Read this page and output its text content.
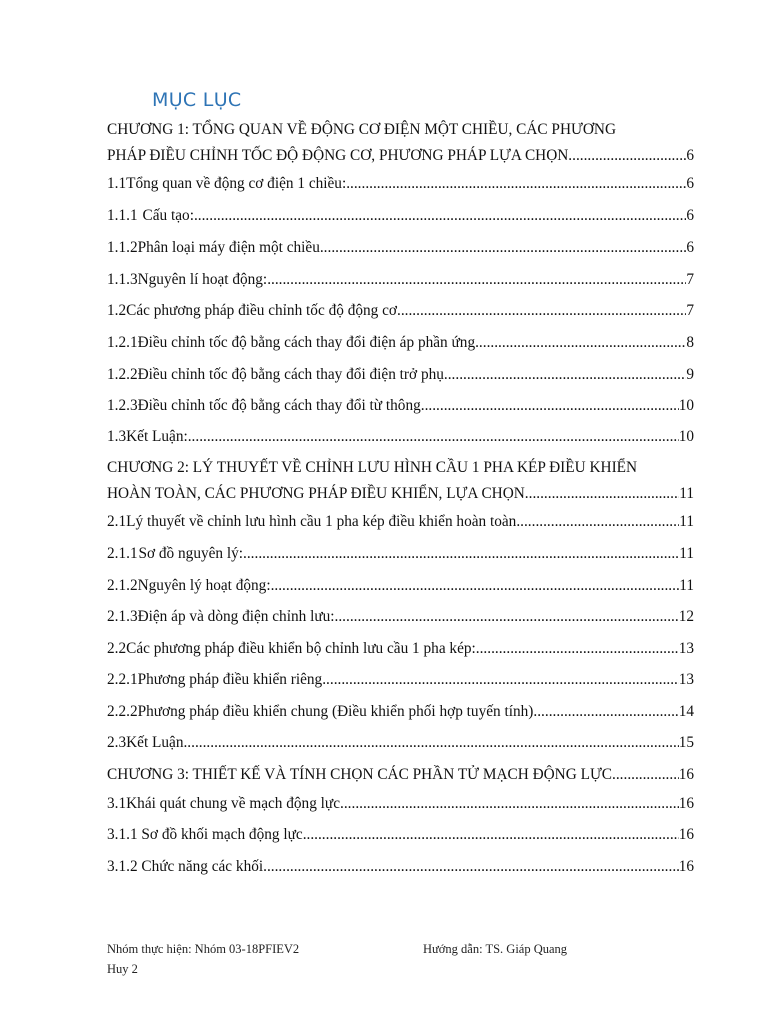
MỤC LỤC
CHƯƠNG 1: TỔNG QUAN VỀ ĐỘNG CƠ ĐIỆN MỘT CHIỀU, CÁC PHƯƠNG
PHÁP ĐIỀU CHỈNH TỐC ĐỘ ĐỘNG CƠ, PHƯƠNG PHÁP LỰA CHỌN .....	6
1.1 Tổng quan về động cơ điện 1 chiều: .....	6
1.1.1 Cấu tạo: .....	6
1.1.2 Phân loại máy điện một chiều .....	6
1.1.3 Nguyên lí hoạt động: .....	7
1.2 Các phương pháp điều chỉnh tốc độ động cơ .....	7
1.2.1 Điều chỉnh tốc độ bằng cách thay đổi điện áp phần ứng .....	8
1.2.2 Điều chỉnh tốc độ bằng cách thay đổi điện trở phụ .....	9
1.2.3 Điều chỉnh tốc độ bằng cách thay đổi từ thông .....	10
1.3 Kết Luận: .....	10
CHƯƠNG 2: LÝ THUYẾT VỀ CHỈNH LƯU HÌNH CẦU 1 PHA KÉP ĐIỀU KHIỂN
HOÀN TOÀN, CÁC PHƯƠNG PHÁP ĐIỀU KHIỂN, LỰA CHỌN .....	11
2.1 Lý thuyết về chỉnh lưu hình cầu 1 pha kép điều khiển hoàn toàn .....	11
2.1.1 Sơ đồ nguyên lý: .....	11
2.1.2 Nguyên lý hoạt động: .....	11
2.1.3 Điện áp và dòng điện chỉnh lưu: .....	12
2.2 Các phương pháp điều khiển bộ chỉnh lưu cầu 1 pha kép: .....	13
2.2.1 Phương pháp điều khiển riêng .....	13
2.2.2 Phương pháp điều khiển chung (Điều khiển phối hợp tuyến tính) .....	14
2.3 Kết Luận .....	15
CHƯƠNG 3: THIẾT KẾ VÀ TÍNH CHỌN CÁC PHẦN TỬ MẠCH ĐỘNG LỰC .....	16
3.1 Khái quát chung về mạch động lực .....	16
3.1.1 Sơ đồ khối mạch động lực .....	16
3.1.2 Chức năng các khối .....	16
Nhóm thực hiện: Nhóm 03-18PFIEV2	Hướng dẫn: TS. Giáp Quang
Huy 2
